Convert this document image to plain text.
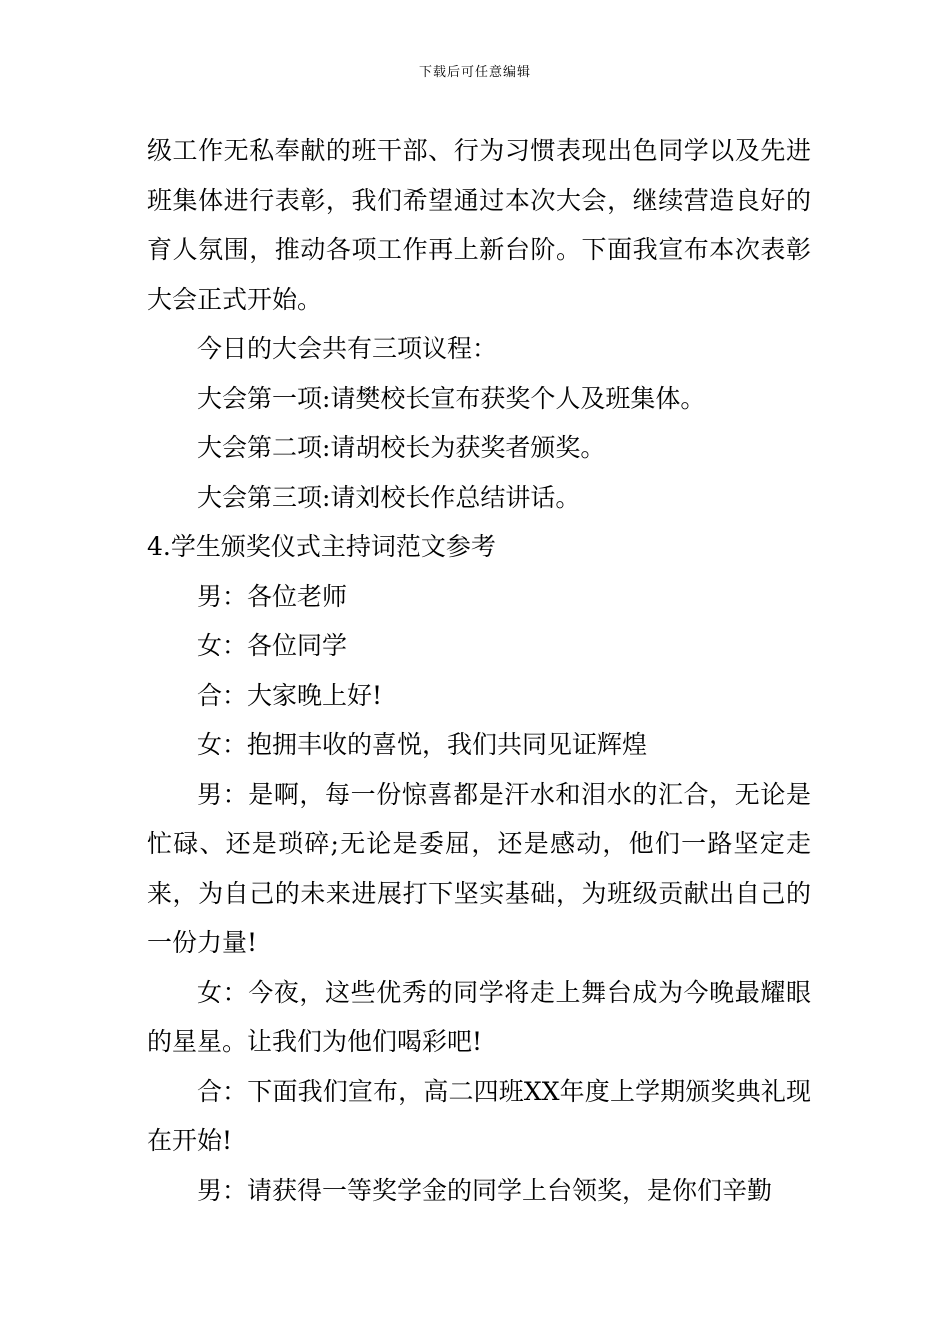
下载后可任意编辑

级工作无私奉献的班干部、行为习惯表现出色同学以及先进班集体进行表彰，我们希望通过本次大会，继续营造良好的育人氛围，推动各项工作再上新台阶。下面我宣布本次表彰大会正式开始。

今日的大会共有三项议程：

大会第一项:请樊校长宣布获奖个人及班集体。

大会第二项:请胡校长为获奖者颁奖。

大会第三项:请刘校长作总结讲话。

4.学生颁奖仪式主持词范文参考

男：各位老师

女：各位同学

合：大家晚上好!

女：抱拥丰收的喜悦，我们共同见证辉煌

男：是啊，每一份惊喜都是汗水和泪水的汇合，无论是忙碌、还是琐碎;无论是委屈，还是感动，他们一路坚定走来，为自己的未来进展打下坚实基础，为班级贡献出自己的一份力量!

女：今夜，这些优秀的同学将走上舞台成为今晚最耀眼的星星。让我们为他们喝彩吧!

合：下面我们宣布，高二四班XX年度上学期颁奖典礼现在开始!

男：请获得一等奖学金的同学上台领奖，是你们辛勤
